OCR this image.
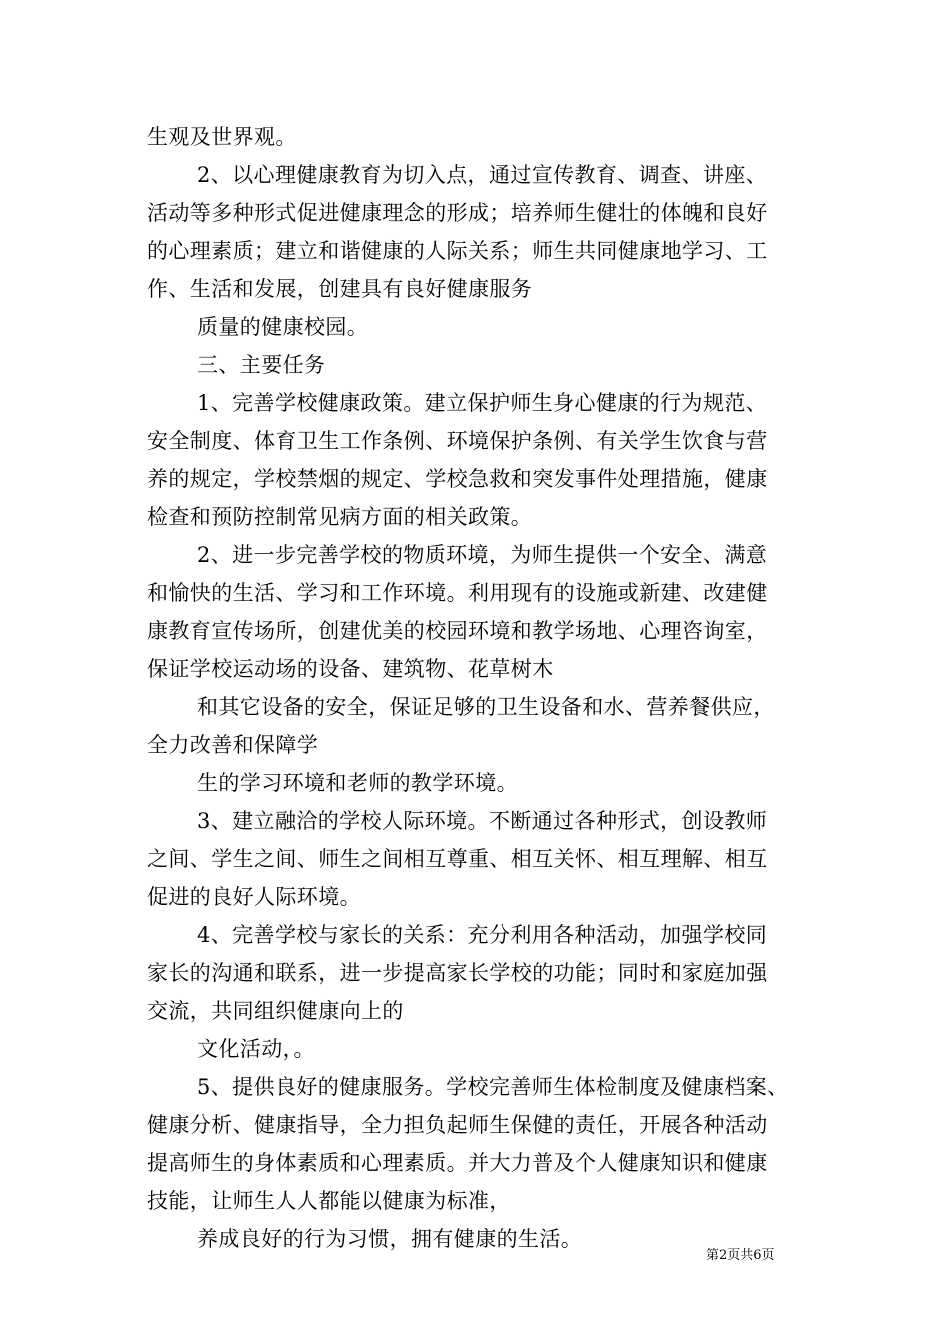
生观及世界观。
2、以心理健康教育为切入点，通过宣传教育、调查、讲座、
活动等多种形式促进健康理念的形成；培养师生健壮的体魄和良好
的心理素质；建立和谐健康的人际关系；师生共同健康地学习、工
作、生活和发展，创建具有良好健康服务
质量的健康校园。
三、主要任务
1、完善学校健康政策。建立保护师生身心健康的行为规范、
安全制度、体育卫生工作条例、环境保护条例、有关学生饮食与营
养的规定，学校禁烟的规定、学校急救和突发事件处理措施，健康
检查和预防控制常见病方面的相关政策。
2、进一步完善学校的物质环境，为师生提供一个安全、满意
和愉快的生活、学习和工作环境。利用现有的设施或新建、改建健
康教育宣传场所，创建优美的校园环境和教学场地、心理咨询室，
保证学校运动场的设备、建筑物、花草树木
和其它设备的安全，保证足够的卫生设备和水、营养餐供应，
全力改善和保障学
生的学习环境和老师的教学环境。
3、建立融洽的学校人际环境。不断通过各种形式，创设教师
之间、学生之间、师生之间相互尊重、相互关怀、相互理解、相互
促进的良好人际环境。
4、完善学校与家长的关系：充分利用各种活动，加强学校同
家长的沟通和联系，进一步提高家长学校的功能；同时和家庭加强
交流，共同组织健康向上的
文化活动，。
5、提供良好的健康服务。学校完善师生体检制度及健康档案、
健康分析、健康指导，全力担负起师生保健的责任，开展各种活动
提高师生的身体素质和心理素质。并大力普及个人健康知识和健康
技能，让师生人人都能以健康为标准，
养成良好的行为习惯，拥有健康的生活。
第2页共6页
